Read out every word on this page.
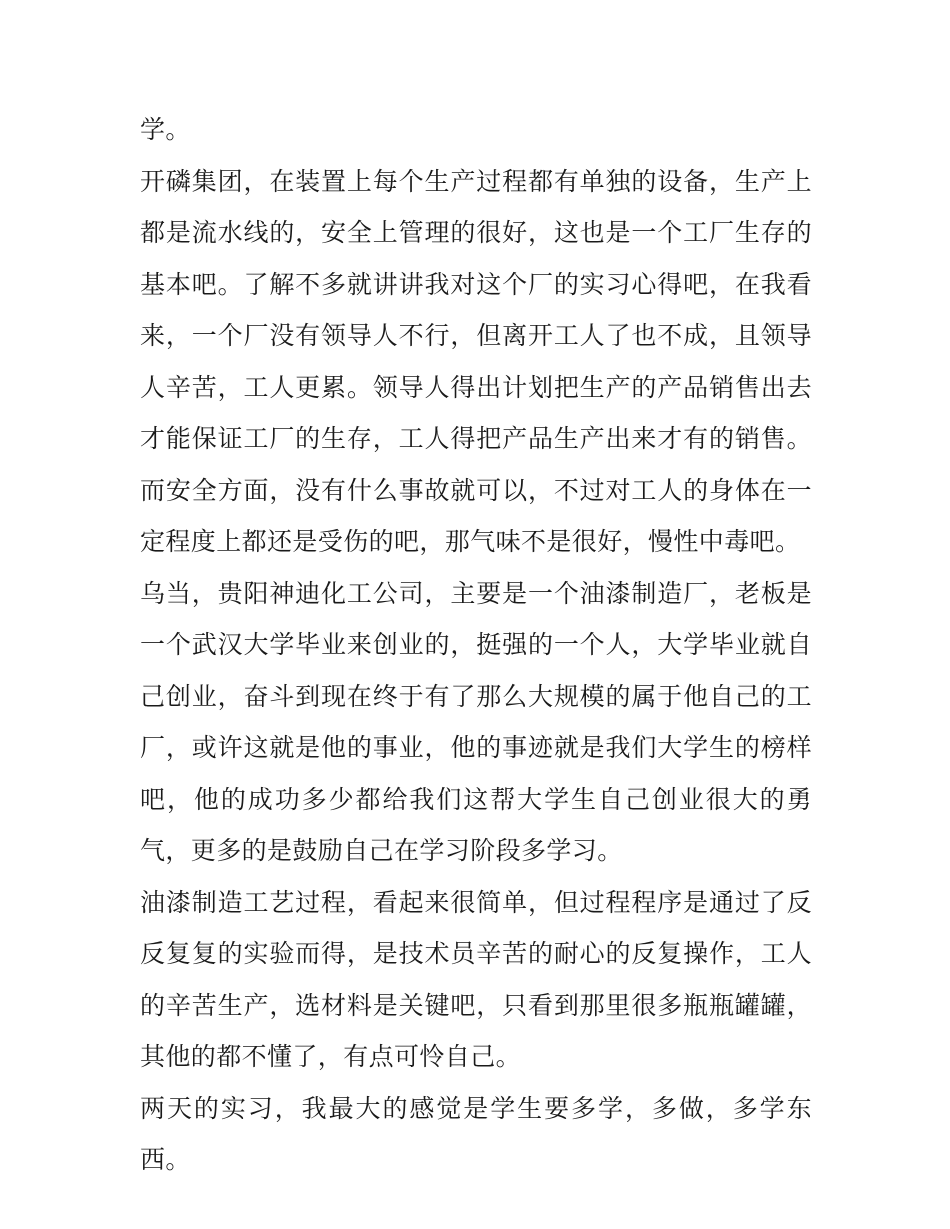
学。

开磷集团，在装置上每个生产过程都有单独的设备，生产上都是流水线的，安全上管理的很好，这也是一个工厂生存的基本吧。了解不多就讲讲我对这个厂的实习心得吧，在我看来，一个厂没有领导人不行，但离开工人了也不成，且领导人辛苦，工人更累。领导人得出计划把生产的产品销售出去才能保证工厂的生存，工人得把产品生产出来才有的销售。而安全方面，没有什么事故就可以，不过对工人的身体在一定程度上都还是受伤的吧，那气味不是很好，慢性中毒吧。

乌当，贵阳神迪化工公司，主要是一个油漆制造厂，老板是一个武汉大学毕业来创业的，挺强的一个人，大学毕业就自己创业，奋斗到现在终于有了那么大规模的属于他自己的工厂，或许这就是他的事业，他的事迹就是我们大学生的榜样吧，他的成功多少都给我们这帮大学生自己创业很大的勇气，更多的是鼓励自己在学习阶段多学习。

油漆制造工艺过程，看起来很简单，但过程程序是通过了反反复复的实验而得，是技术员辛苦的耐心的反复操作，工人的辛苦生产，选材料是关键吧，只看到那里很多瓶瓶罐罐，其他的都不懂了，有点可怜自己。

两天的实习，我最大的感觉是学生要多学，多做，多学东西。
